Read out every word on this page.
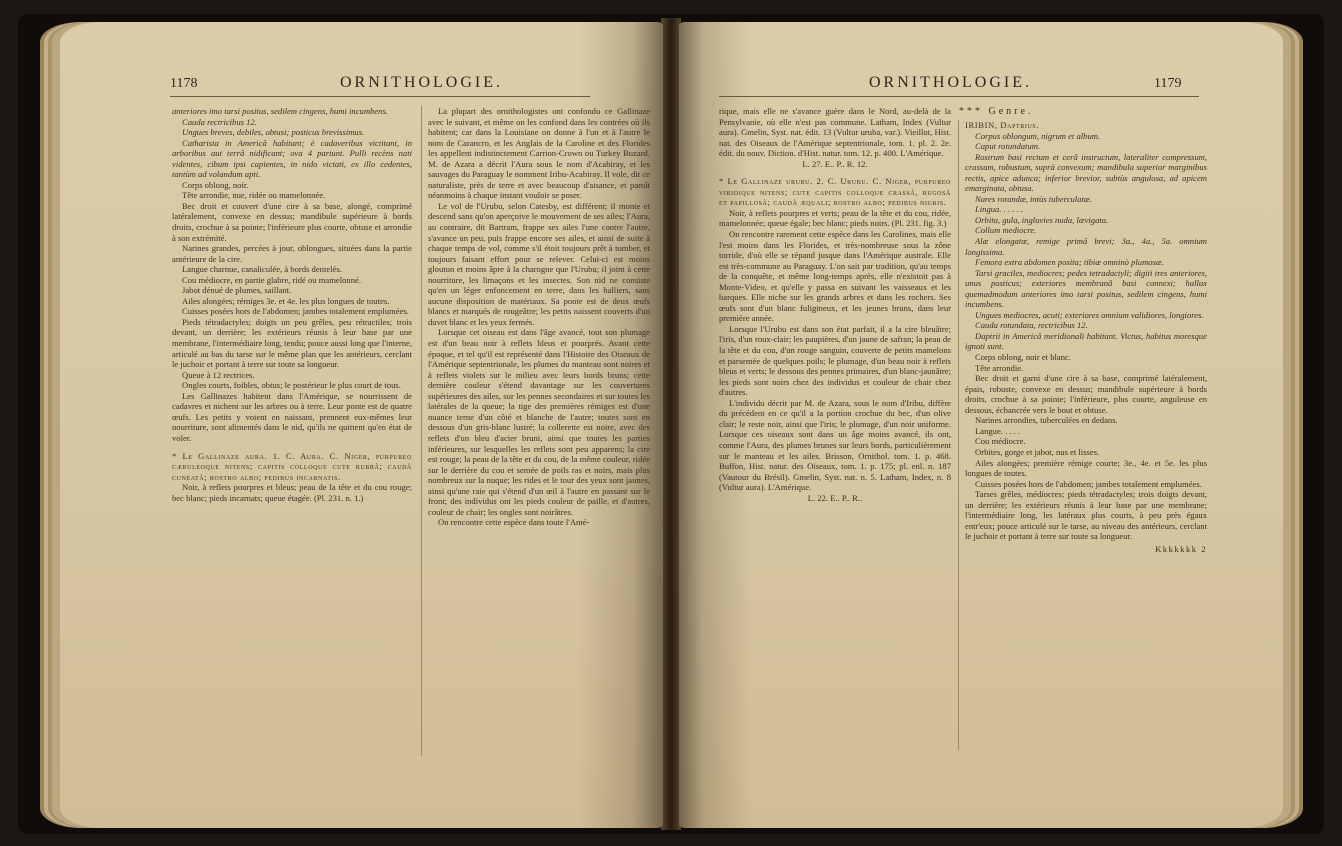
1178	ORNITHOLOGIE.

anteriores imo tarsi positus, sedilem cingens, humi incumbens.

Cauda rectricibus 12.

Ungues breves, debiles, obtusi; posticus brevissimus.

Catharista in Americâ habitant; è cadaveribus victitant, in arboribus aut terrâ nidificant; ova 4 pariunt. Pulli recèns nati videntes, cibum ipsi capientes, in nido victati, ex illo cedentes, tantùm ad volandum apti.

Corps oblong, noir.

Tête arrondie, nue, ridée ou mamelonnée.

Bec droit et couvert d'une cire à sa base, alongé, comprimé latéralement, convexe en dessus; mandibule supérieure à bords droits, crochue à sa pointe; l'inférieure plus courte, obtuse et arrondie à son extrémité.

Narines grandes, percées à jour, oblongues, situées dans la partie antérieure de la cire.

Langue charnue, canaliculée, à bords dentelés.

Cou médiocre, en partie glabre, ridé ou mamelonné.

Jabot dénué de plumes, saillant.

Ailes alongées; rémiges 3e. et 4e. les plus longues de toutes.

Cuisses posées hors de l'abdomen; jambes totalement emplumées.

Pieds tétradactyles; doigts un peu grêles, peu rétractiles; trois devant, un derrière; les extérieurs réunis à leur base par une membrane, l'intermédiaire long, tendu; pouce aussi long que l'interne, articulé au bas du tarse sur le même plan que les antérieurs, cerclant le juchoir et portant à terre sur toute sa longueur.

Queue à 12 rectrices.

Ongles courts, foibles, obtus; le postérieur le plus court de tous.

Les Gallinazes habitent dans l'Amérique, se nourrissent de cadavres et nichent sur les arbres ou à terre. Leur ponte est de quatre œufs. Les petits y voient en naissant, prennent eux-mêmes leur nourriture, sont alimentés dans le nid, qu'ils ne quittent qu'en état de voler.

* Le Gallinaze aura. 1. C. Aura. C. Niger, purpureo cæruleoque nitens; capitis colloque cute rubrâ; caudâ cuneatâ; rostro albo; pedibus incarnatis.

Noir, à reflets pourpres et bleus; peau de la tête et du cou rouge; bec blanc; pieds incarnats; queue étagée. (Pl. 231. n. 1.)

La plupart des ornithologistes ont confondu ce Gallinaze avec le suivant, et même on les confond dans les contrées où ils habitent; car dans la Louisiane on donne à l'un et à l'autre le nom de Carancro, et les Anglais de la Caroline et des Florides les appellent indistinctement Carrion-Crown ou Turkey Buzard. M. de Azara a décrit l'Aura sous le nom d'Acabiray, et les sauvages du Paraguay le nomment Iribu-Acabiray. Il vole, dit ce naturaliste, près de terre et avec beaucoup d'aisance, et paroît néanmoins à chaque instant vouloir se poser.

Le vol de l'Urubu, selon Catesby, est différent; il monte et descend sans qu'on aperçoive le mouvement de ses ailes; l'Aura, au contraire, dit Bartram, frappe ses ailes l'une contre l'autre, s'avance un peu, puis frappe encore ses ailes, et ainsi de suite à chaque temps de vol, comme s'il étoit toujours prêt à tomber, et toujours faisant effort pour se relever. Celui-ci est moins glouton et moins âpre à la charogne que l'Urubu; il joint à cette nourriture, les limaçons et les insectes. Son nid ne consiste qu'en un léger enfoncement en terre, dans les halliers, sans aucune disposition de matériaux. Sa ponte est de deux œufs blancs et marqués de rougeâtre; les petits naissent couverts d'un duvet blanc et les yeux fermés.

Lorsque cet oiseau est dans l'âge avancé, tout son plumage est d'un beau noir à reflets bleus et pourprés. Avant cette époque, et tel qu'il est représenté dans l'Histoire des Oiseaux de l'Amérique septentrionale, les plumes du manteau sont noires et à reflets violets sur le milieu avec leurs bords bruns; cette dernière couleur s'étend davantage sur les couvertures supérieures des ailes, sur les pennes secondaires et sur toutes les latérales de la queue; la tige des premières rémiges est d'une nuance terne d'un côté et blanche de l'autre; toutes sont en dessous d'un gris-blanc lustré; la collerette est noire, avec des reflets d'un bleu d'acier bruni, ainsi que toutes les parties inférieures, sur lesquelles les reflets sont peu apparens; la cire est rouge; la peau de la tête et du cou, de la même couleur, ridée sur le derrière du cou et semée de poils ras et noirs, mais plus nombreux sur la nuque; les rides et le tour des yeux sont jaunes, ainsi qu'une raie qui s'étend d'un œil à l'autre en passant sur le front; des individus ont les pieds couleur de paille, et d'autres, couleur de chair; les ongles sont noirâtres.

On rencontre cette espèce dans toute l'Amé-

ORNITHOLOGIE.	1179
*** Genre.

rique, mais elle ne s'avance guère dans le Nord, au-delà de la Pensylvanie, où elle n'est pas commune. Latham, Index (Vultur aura). Gmelin, Syst. nat. édit. 13 (Vultur uruba, var.). Vieillot, Hist. nat. des Oiseaux de l'Amérique septentrionale, tom. 1. pl. 2. 2e. édit. du nouv. Diction. d'Hist. natur. tom. 12. p. 400. L'Amérique.

L. 27. E.. P.. R. 12.

* Le Gallinaze urubu. 2. C. Urubu. C. Niger, purpureo viridique nitens; cute capitis colloque crassâ, rugosâ et papillosâ; caudâ æquali; rostro albo; pedibus nigris.

Noir, à reflets pourpres et verts; peau de la tête et du cou, ridée, mamelonnée; queue égale; bec blanc; pieds noirs. (Pl. 231. fig. 3.)

On rencontre rarement cette espèce dans les Carolines, mais elle l'est moins dans les Florides, et très-nombreuse sous la zône torride, d'où elle se répand jusque dans l'Amérique australe. Elle est très-commune au Paraguay. L'on sait par tradition, qu'au temps de la conquête, et même long-temps après, elle n'existoit pas à Monte-Video, et qu'elle y passa en suivant les vaisseaux et les barques. Elle niche sur les grands arbres et dans les rochers. Ses œufs sont d'un blanc fuligineux, et les jeunes bruns, dans leur première année.

Lorsque l'Urubu est dans son état parfait, il a la cire bleuâtre; l'iris, d'un roux-clair; les paupières, d'un jaune de safran; la peau de la tête et du cou, d'un rouge sanguin, couverte de petits mamelons et parsemée de quelques poils; le plumage, d'un beau noir à reflets bleus et verts; le dessous des pennes primaires, d'un blanc-jaunâtre; les pieds sont noirs chez des individus et couleur de chair chez d'autres.

L'individu décrit par M. de Azara, sous le nom d'Iribu, diffère du précédent en ce qu'il a la portion crochue du bec, d'un olive clair; le reste noir, ainsi que l'iris; le plumage, d'un noir uniforme. Lorsque ces oiseaux sont dans un âge moins avancé, ils ont, comme l'Aura, des plumes brunes sur leurs bords, particulièrement sur le manteau et les ailes. Brisson, Ornithol. tom. 1. p. 468. Buffon, Hist. natur. des Oiseaux, tom. 1. p. 175; pl. enl. n. 187 (Vautour du Brésil). Gmelin, Syst. nat. n. 5. Latham, Index, n. 8 (Vultur aura). L'Amérique.

L. 22. E.. P.. R..

IRIBIN, Daptrius.

Corpus oblongum, nigrum et album.

Caput rotundatum.

Rostrum basi rectum et cerâ instructum, lateraliter compressum, crassum, robustum, suprà convexum; mandibula superior marginibus rectis, apice adunca; inferior brevior, subtùs angulosa, ad apicem emarginata, obtusa.

Nares rotundæ, intùs tuberculatæ.

Lingua. . . . . .

Orbita, gula, ingluvies nuda, lævigata.

Collum mediocre.

Alæ elongatæ, remige primâ brevi; 3a., 4a., 5a. omnium longissima.

Femora extra abdomen posita; tibiæ omninò plumosæ.

Tarsi graciles, mediocres; pedes tetradactyli; digiti tres anteriores, unus posticus; exteriores membranâ basi connexi; hallux quemadmodum anteriores imo tarsi positus, sedilem cingens, humi incumbens.

Ungues mediocres, acuti; exteriores omnium validiores, longiores.

Cauda rotundata, rectricibus 12.

Daptrii in Americâ meridionali habitant. Victus, habitus moresque ignoti sunt.

Corps oblong, noir et blanc.

Tête arrondie.

Bec droit et garni d'une cire à sa base, comprimé latéralement, épais, robuste, convexe en dessus; mandibule supérieure à bords droits, crochue à sa pointe; l'inférieure, plus courte, anguleuse en dessous, échancrée vers le bout et obtuse.

Narines arrondies, tuberculées en dedans.

Langue. . . . .

Cou médiocre.

Orbites, gorge et jabot, nus et lisses.

Ailes alongées; première rémige courte; 3e., 4e. et 5e. les plus longues de toutes.

Cuisses posées hors de l'abdomen; jambes totalement emplumées.

Tarses grêles, médiocres; pieds tétradactyles; trois doigts devant, un derrière; les extérieurs réunis à leur base par une membrane; l'intermédiaire long, les latéraux plus courts, à peu près égaux entr'eux; pouce articulé sur le tarse, au niveau des antérieurs, cerclant le juchoir et portant à terre sur toute sa longueur.

Kkkkkkk 2
